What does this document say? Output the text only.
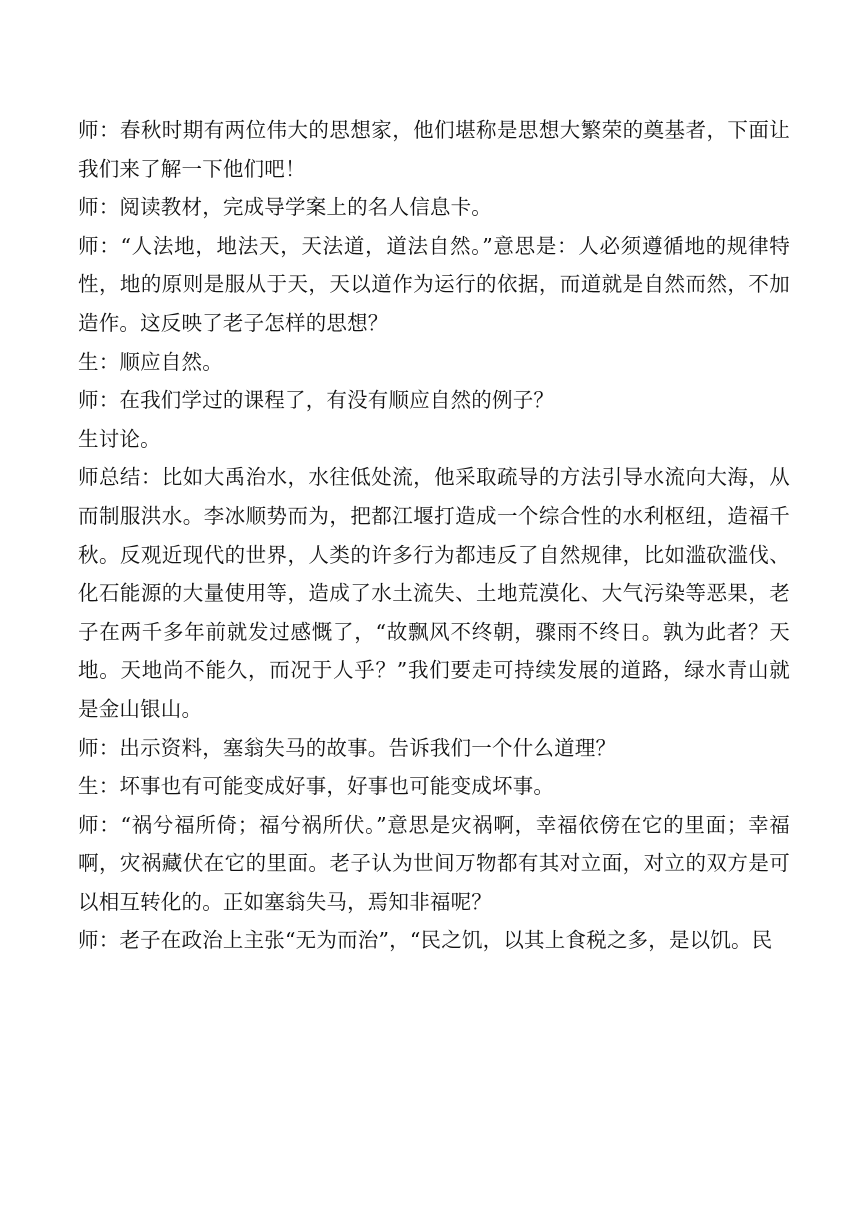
师：春秋时期有两位伟大的思想家，他们堪称是思想大繁荣的奠基者，下面让我们来了解一下他们吧！

师：阅读教材，完成导学案上的名人信息卡。

师：“人法地，地法天，天法道，道法自然。”意思是：人必须遵循地的规律特性，地的原则是服从于天，天以道作为运行的依据，而道就是自然而然，不加造作。这反映了老子怎样的思想？

生：顺应自然。

师：在我们学过的课程了，有没有顺应自然的例子？

生讨论。

师总结：比如大禹治水，水往低处流，他采取疏导的方法引导水流向大海，从而制服洪水。李冰顺势而为，把都江堰打造成一个综合性的水利枢纽，造福千秋。反观近现代的世界，人类的许多行为都违反了自然规律，比如滥砍滥伐、化石能源的大量使用等，造成了水土流失、土地荒漠化、大气污染等恶果，老子在两千多年前就发过感慨了，“故飘风不终朝，骤雨不终日。孰为此者？天地。天地尚不能久，而况于人乎？”我们要走可持续发展的道路，绿水青山就是金山银山。

师：出示资料，塞翁失马的故事。告诉我们一个什么道理？

生：坏事也有可能变成好事，好事也可能变成坏事。

师：“祸兮福所倚；福兮祸所伏。”意思是灾祸啊，幸福依傍在它的里面；幸福啊，灾祸藏伏在它的里面。老子认为世间万物都有其对立面，对立的双方是可以相互转化的。正如塞翁失马，焉知非福呢？

师：老子在政治上主张“无为而治”，“民之饥，以其上食税之多，是以饥。民
